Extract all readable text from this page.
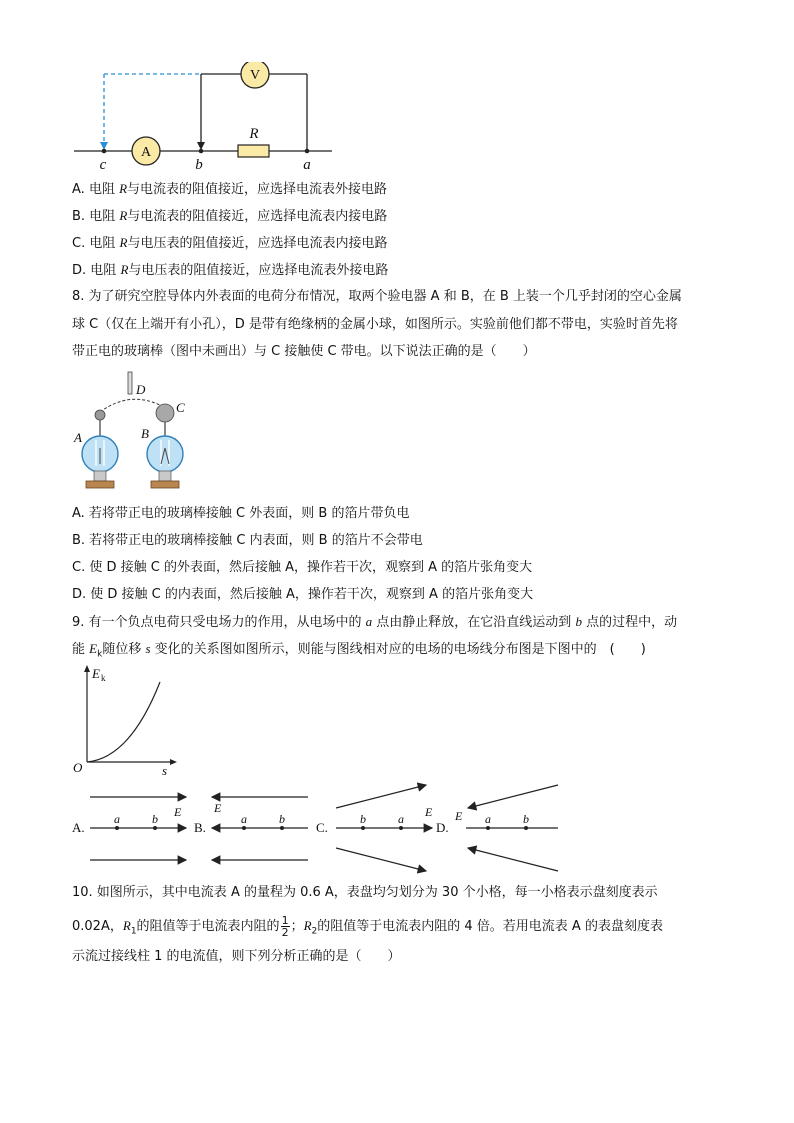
A
R
V
c	b	a
A. 电阻 R与电流表的阻值接近，应选择电流表外接电路
B. 电阻 R与电流表的阻值接近，应选择电流表内接电路
C. 电阻 R与电压表的阻值接近，应选择电流表内接电路
D. 电阻 R与电压表的阻值接近，应选择电流表外接电路
8. 为了研究空腔导体内外表面的电荷分布情况，取两个验电器 A 和 B，在 B 上装一个几乎封闭的空心金属
球 C（仅在上端开有小孔），D 是带有绝缘柄的金属小球，如图所示。实验前他们都不带电，实验时首先将
带正电的玻璃棒（图中未画出）与 C 接触使 C 带电。以下说法正确的是（　　）
D
A
C
B
A. 若将带正电的玻璃棒接触 C 外表面，则 B 的箔片带负电
B. 若将带正电的玻璃棒接触 C 内表面，则 B 的箔片不会带电
C. 使 D 接触 C 的外表面，然后接触 A，操作若干次，观察到 A 的箔片张角变大
D. 使 D 接触 C 的内表面，然后接触 A，操作若干次，观察到 A 的箔片张角变大
9. 有一个负点电荷只受电场力的作用，从电场中的 a 点由静止释放，在它沿直线运动到 b 点的过程中，动
能 $E_k$随位移 s 变化的关系图如图所示，则能与图线相对应的电场的电场线分布图是下图中的　(　　)
E k
s
O
A.
a	b E
B.
a	b
E
C.
b	a E
D.
a	b
E
10. 如图所示，其中电流表 A 的量程为 0.6 A，表盘均匀划分为 30 个小格，每一小格表示盘刻度表示
0.02A，$R_1$的阻值等于电流表内阻的 $\frac{1}{2}$ ；$R_2$的阻值等于电流表内阻的 4 倍。若用电流表 A 的表盘刻度表
示流过接线柱 1 的电流值，则下列分析正确的是（　　）
